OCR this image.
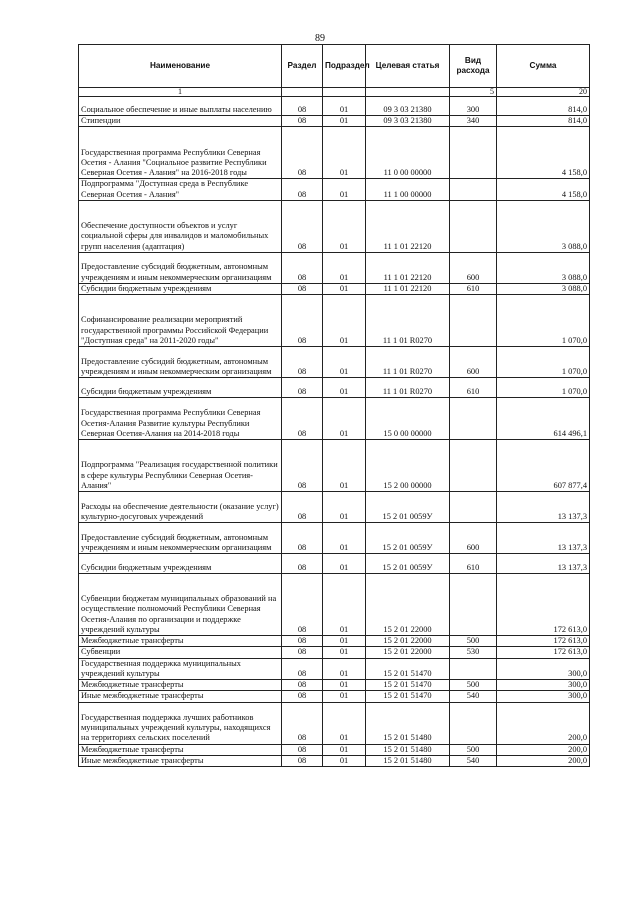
89
Наименование	Раздел	Подраздел	Целевая статья	Вид расхода	Сумма
1				5	20
Социальное обеспечение и иные выплаты населению	08	01	09 3 03 21380	300	814,0
Стипендии	08	01	09 3 03 21380	340	814,0
Государственная программа Республики Северная Осетия - Алания "Социальное развитие Республики Северная Осетия - Алания" на 2016-2018 годы	08	01	11 0 00 00000		4 158,0
Подпрограмма "Доступная среда в Республике Северная Осетия - Алания"	08	01	11 1 00 00000		4 158,0
Обеспечение доступности объектов и услуг социальной сферы для инвалидов и маломобильных групп населения (адаптация)	08	01	11 1 01 22120		3 088,0
Предоставление субсидий бюджетным, автономным учреждениям и иным некоммерческим организациям	08	01	11 1 01 22120	600	3 088,0
Субсидии бюджетным учреждениям	08	01	11 1 01 22120	610	3 088,0
Софинансирование реализации мероприятий государственной программы Российской Федерации "Доступная среда" на 2011-2020 годы"	08	01	11 1 01 R0270		1 070,0
Предоставление субсидий бюджетным, автономным учреждениям и иным некоммерческим организациям	08	01	11 1 01 R0270	600	1 070,0
Субсидии бюджетным учреждениям	08	01	11 1 01 R0270	610	1 070,0
Государственная программа Республики Северная Осетия-Алания Развитие культуры Республики Северная Осетия-Алания на 2014-2018 годы	08	01	15 0 00 00000		614 496,1
Подпрограмма "Реализация государственной политики в сфере культуры Республики Северная Осетия-Алания"	08	01	15 2 00 00000		607 877,4
Расходы на обеспечение деятельности (оказание услуг) культурно-досуговых учреждений	08	01	15 2 01 0059У		13 137,3
Предоставление субсидий бюджетным, автономным учреждениям и иным некоммерческим организациям	08	01	15 2 01 0059У	600	13 137,3
Субсидии бюджетным учреждениям	08	01	15 2 01 0059У	610	13 137,3
Субвенции бюджетам муниципальных образований на осуществление полномочий Республики Северная Осетия-Алания по организации и поддержке учреждений культуры	08	01	15 2 01 22000		172 613,0
Межбюджетные трансферты	08	01	15 2 01 22000	500	172 613,0
Субвенции	08	01	15 2 01 22000	530	172 613,0
Государственная поддержка муниципальных учреждений культуры	08	01	15 2 01 51470		300,0
Межбюджетные трансферты	08	01	15 2 01 51470	500	300,0
Иные межбюджетные трансферты	08	01	15 2 01 51470	540	300,0
Государственная поддержка лучших работников муниципальных учреждений культуры, находящихся на территориях сельских поселений	08	01	15 2 01 51480		200,0
Межбюджетные трансферты	08	01	15 2 01 51480	500	200,0
Иные межбюджетные трансферты	08	01	15 2 01 51480	540	200,0
